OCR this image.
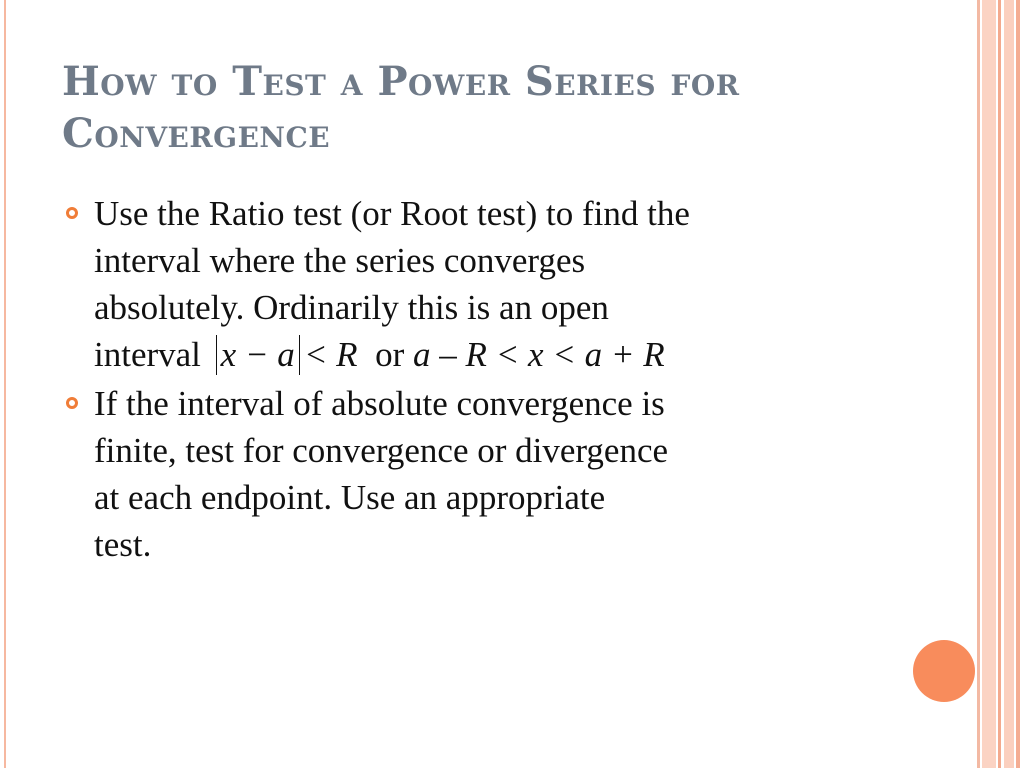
How to Test a Power Series for
Convergence
Use the Ratio test (or Root test) to find the
interval where the series converges
absolutely. Ordinarily this is an open
interval x − a < R or a – R < x < a + R
If the interval of absolute convergence is
finite, test for convergence or divergence
at each endpoint. Use an appropriate
test.
